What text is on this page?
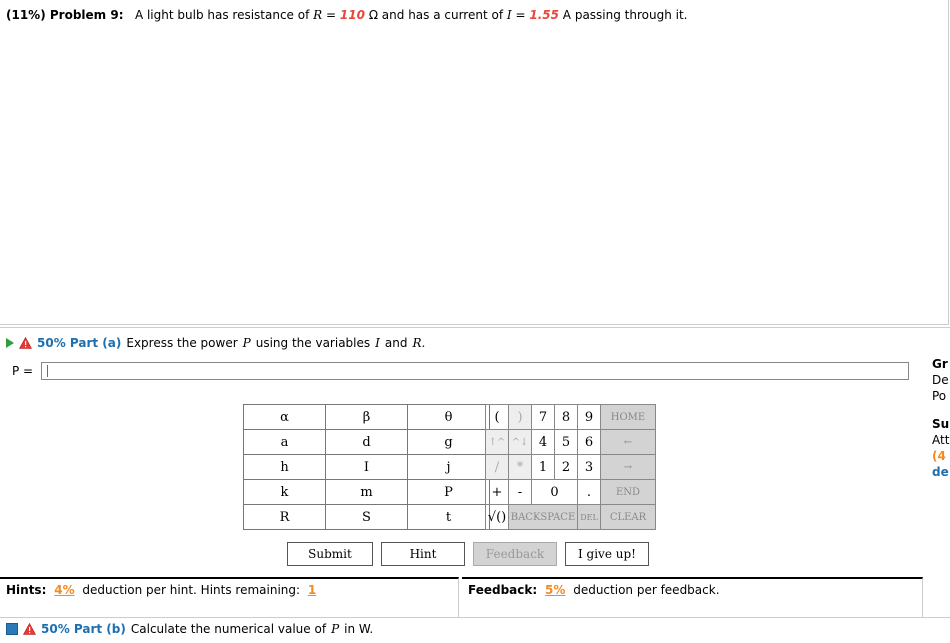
(11%) Problem 9: A light bulb has resistance of R = 110 Ω and has a current of I = 1.55 A passing through it.
50% Part (a) Express the power P using the variables I and R.
P =	Gr
De
Po
Su
Att
(4
de
α	β	θ
a	d	g
h	I	j
k	m	P
R	S	t
(	)	7	8	9	HOME
↑^	^↓	4	5	6	←
/	*	1	2	3	→
+	-	0		.	END
√()	BACKSPACE			DEL	CLEAR
Submit	Hint	Feedback	I give up!
Hints: 4% deduction per hint. Hints remaining: 1	Feedback: 5% deduction per feedback.
50% Part (b) Calculate the numerical value of P in W.
